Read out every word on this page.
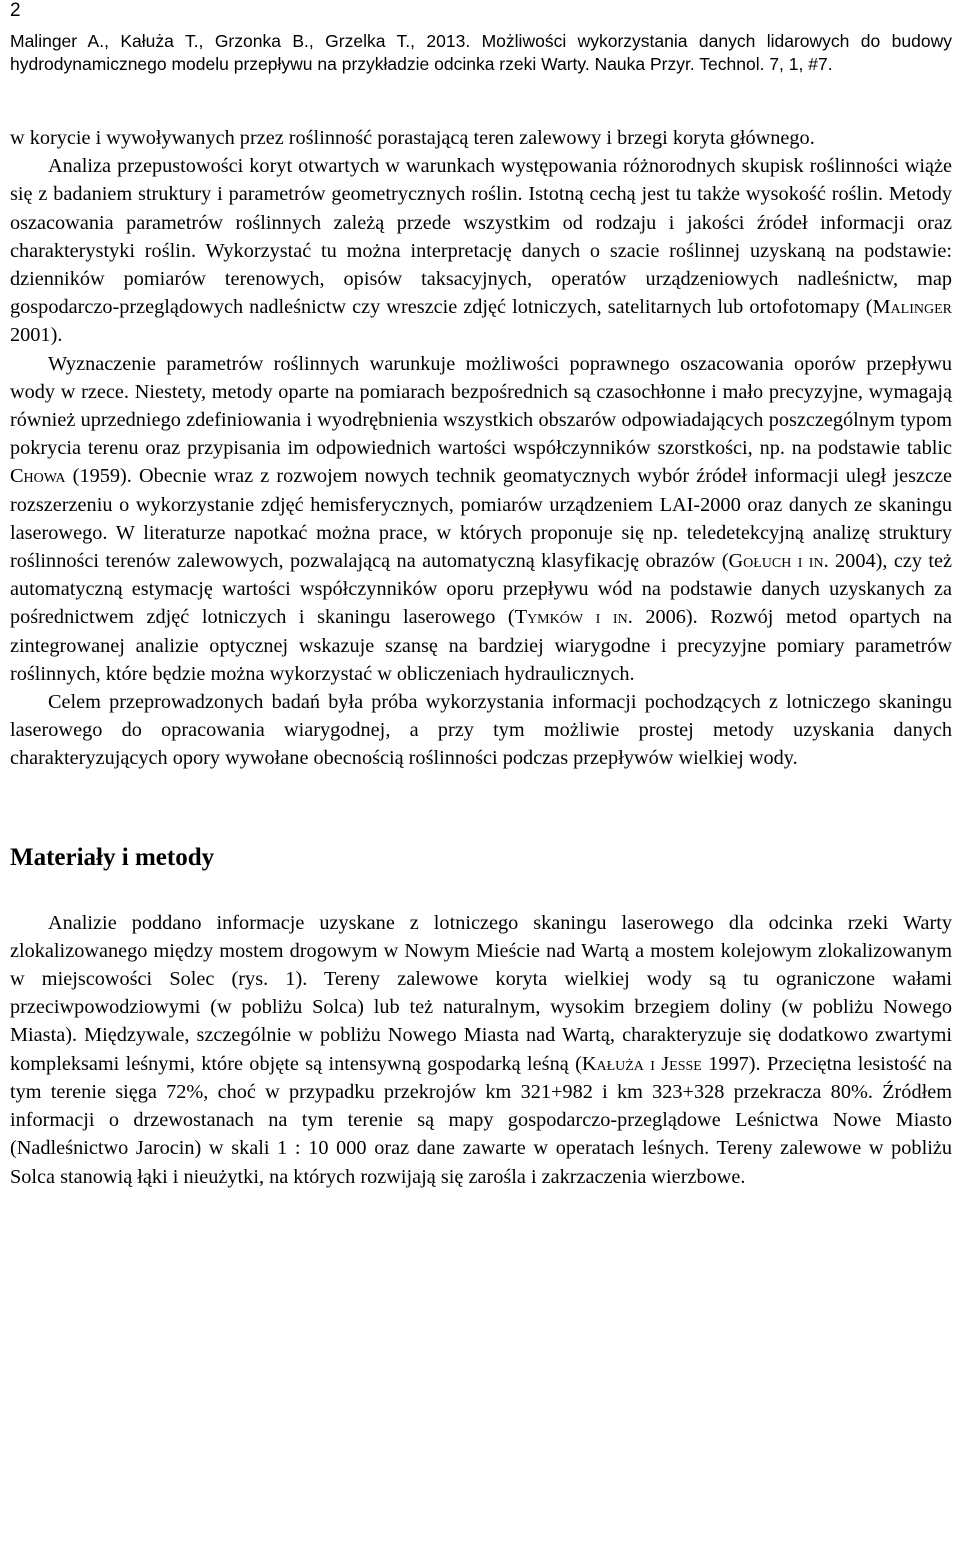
2

Malinger A., Kałuża T., Grzonka B., Grzelka T., 2013. Możliwości wykorzystania danych lidarowych do budowy hydrodynamicznego modelu przepływu na przykładzie odcinka rzeki Warty. Nauka Przyr. Technol. 7, 1, #7.

w korycie i wywoływanych przez roślinność porastającą teren zalewowy i brzegi koryta głównego.

Analiza przepustowości koryt otwartych w warunkach występowania różnorodnych skupisk roślinności wiąże się z badaniem struktury i parametrów geometrycznych roślin. Istotną cechą jest tu także wysokość roślin. Metody oszacowania parametrów roślinnych zależą przede wszystkim od rodzaju i jakości źródeł informacji oraz charakterystyki roślin. Wykorzystać tu można interpretację danych o szacie roślinnej uzyskaną na podstawie: dzienników pomiarów terenowych, opisów taksacyjnych, operatów urządzeniowych nadleśnictw, map gospodarczo-przeglądowych nadleśnictw czy wreszcie zdjęć lotniczych, satelitarnych lub ortofotomapy (Malinger 2001).

Wyznaczenie parametrów roślinnych warunkuje możliwości poprawnego oszacowania oporów przepływu wody w rzece. Niestety, metody oparte na pomiarach bezpośrednich są czasochłonne i mało precyzyjne, wymagają również uprzedniego zdefiniowania i wyodrębnienia wszystkich obszarów odpowiadających poszczególnym typom pokrycia terenu oraz przypisania im odpowiednich wartości współczynników szorstkości, np. na podstawie tablic Chowa (1959). Obecnie wraz z rozwojem nowych technik geomatycznych wybór źródeł informacji uległ jeszcze rozszerzeniu o wykorzystanie zdjęć hemisferycznych, pomiarów urządzeniem LAI-2000 oraz danych ze skaningu laserowego. W literaturze napotkać można prace, w których proponuje się np. teledetekcyjną analizę struktury roślinności terenów zalewowych, pozwalającą na automatyczną klasyfikację obrazów (Gołuch i in. 2004), czy też automatyczną estymację wartości współczynników oporu przepływu wód na podstawie danych uzyskanych za pośrednictwem zdjęć lotniczych i skaningu laserowego (Tymków i in. 2006). Rozwój metod opartych na zintegrowanej analizie optycznej wskazuje szansę na bardziej wiarygodne i precyzyjne pomiary parametrów roślinnych, które będzie można wykorzystać w obliczeniach hydraulicznych.

Celem przeprowadzonych badań była próba wykorzystania informacji pochodzących z lotniczego skaningu laserowego do opracowania wiarygodnej, a przy tym możliwie prostej metody uzyskania danych charakteryzujących opory wywołane obecnością roślinności podczas przepływów wielkiej wody.

Materiały i metody

Analizie poddano informacje uzyskane z lotniczego skaningu laserowego dla odcinka rzeki Warty zlokalizowanego między mostem drogowym w Nowym Mieście nad Wartą a mostem kolejowym zlokalizowanym w miejscowości Solec (rys. 1). Tereny zalewowe koryta wielkiej wody są tu ograniczone wałami przeciwpowodziowymi (w pobliżu Solca) lub też naturalnym, wysokim brzegiem doliny (w pobliżu Nowego Miasta). Międzywale, szczególnie w pobliżu Nowego Miasta nad Wartą, charakteryzuje się dodatkowo zwartymi kompleksami leśnymi, które objęte są intensywną gospodarką leśną (Kałuża i Jesse 1997). Przeciętna lesistość na tym terenie sięga 72%, choć w przypadku przekrojów km 321+982 i km 323+328 przekracza 80%. Źródłem informacji o drzewostanach na tym terenie są mapy gospodarczo-przeglądowe Leśnictwa Nowe Miasto (Nadleśnictwo Jarocin) w skali 1 : 10 000 oraz dane zawarte w operatach leśnych. Tereny zalewowe w pobliżu Solca stanowią łąki i nieużytki, na których rozwijają się zarośla i zakrzaczenia wierzbowe.
